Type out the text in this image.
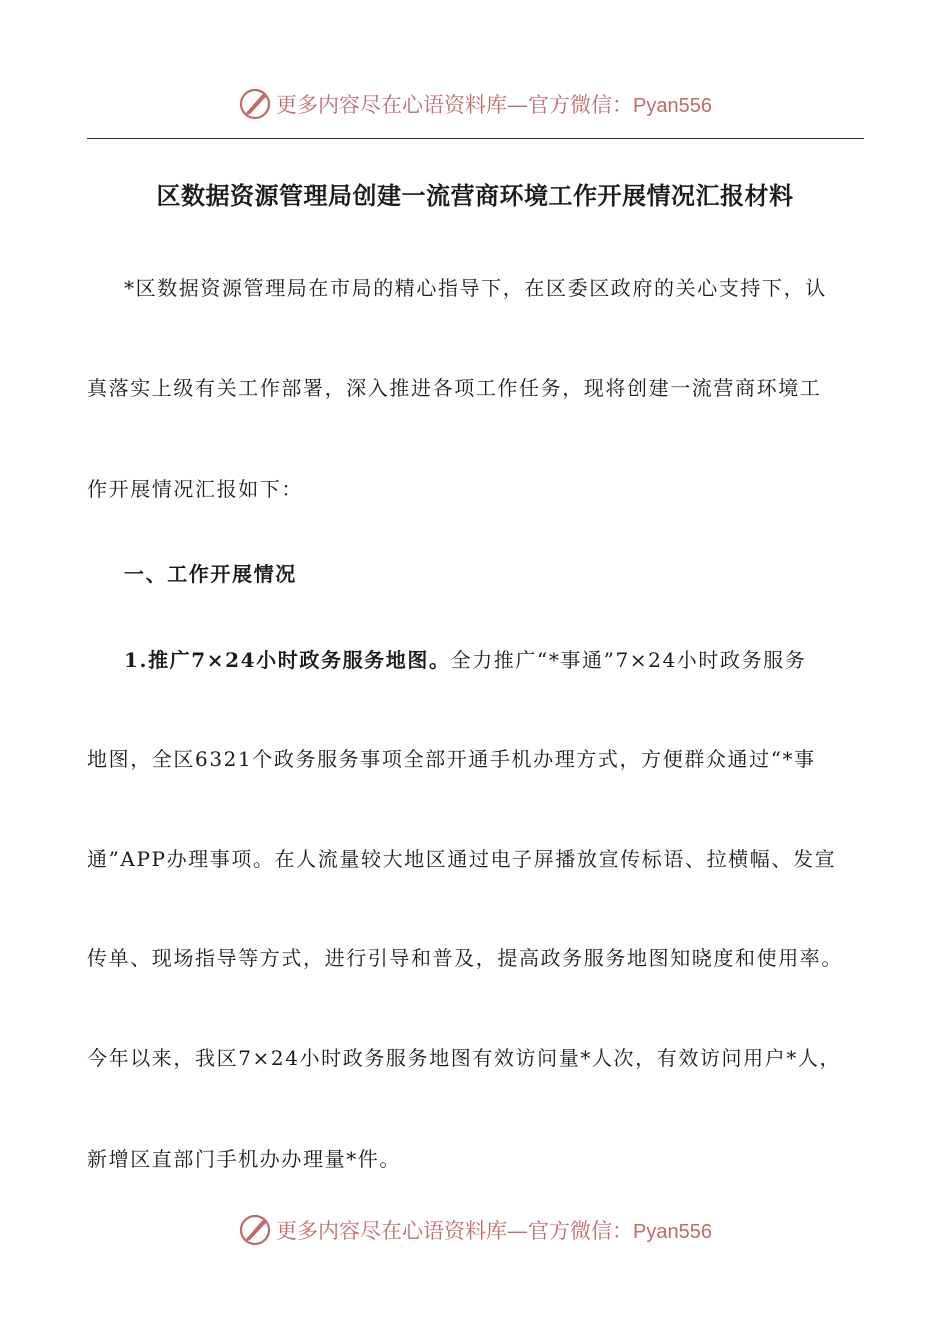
更多内容尽在心语资料库—官方微信：Pyan556
区数据资源管理局创建一流营商环境工作开展情况汇报材料
*区数据资源管理局在市局的精心指导下，在区委区政府的关心支持下，认
真落实上级有关工作部署，深入推进各项工作任务，现将创建一流营商环境工
作开展情况汇报如下：
一、工作开展情况
1.推广7×24小时政务服务地图。全力推广“*事通”7×24小时政务服务
地图，全区6321个政务服务事项全部开通手机办理方式，方便群众通过“*事
通”APP办理事项。在人流量较大地区通过电子屏播放宣传标语、拉横幅、发宣
传单、现场指导等方式，进行引导和普及，提高政务服务地图知晓度和使用率。
今年以来，我区7×24小时政务服务地图有效访问量*人次，有效访问用户*人，
新增区直部门手机办办理量*件。
更多内容尽在心语资料库—官方微信：Pyan556
